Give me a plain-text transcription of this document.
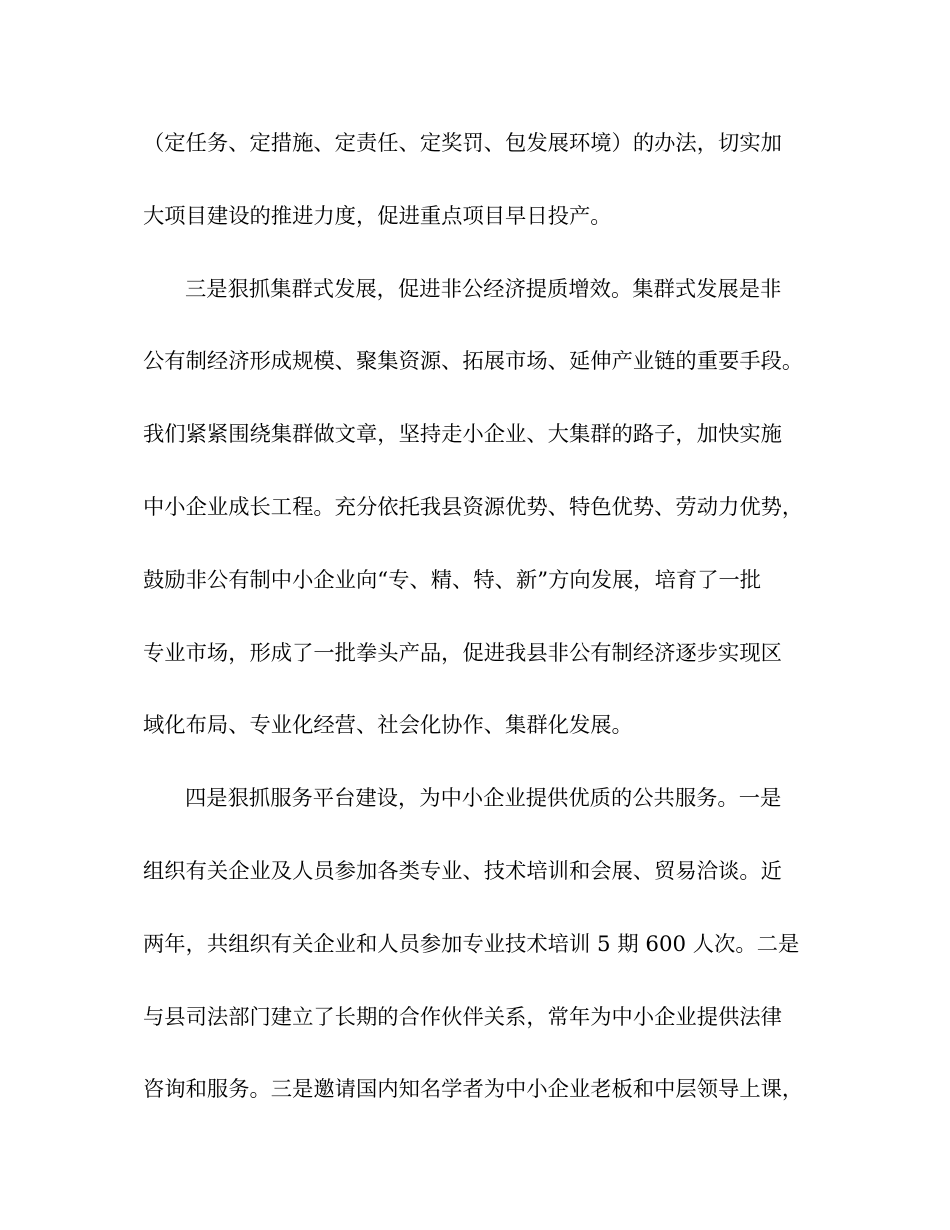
（定任务、定措施、定责任、定奖罚、包发展环境）的办法，切实加
大项目建设的推进力度，促进重点项目早日投产。
三是狠抓集群式发展，促进非公经济提质增效。集群式发展是非
公有制经济形成规模、聚集资源、拓展市场、延伸产业链的重要手段。
我们紧紧围绕集群做文章，坚持走小企业、大集群的路子，加快实施
中小企业成长工程。充分依托我县资源优势、特色优势、劳动力优势，
鼓励非公有制中小企业向“专、精、特、新”方向发展，培育了一批
专业市场，形成了一批拳头产品，促进我县非公有制经济逐步实现区
域化布局、专业化经营、社会化协作、集群化发展。
四是狠抓服务平台建设，为中小企业提供优质的公共服务。一是
组织有关企业及人员参加各类专业、技术培训和会展、贸易洽谈。近
两年，共组织有关企业和人员参加专业技术培训 5 期 600 人次。二是
与县司法部门建立了长期的合作伙伴关系，常年为中小企业提供法律
咨询和服务。三是邀请国内知名学者为中小企业老板和中层领导上课，
